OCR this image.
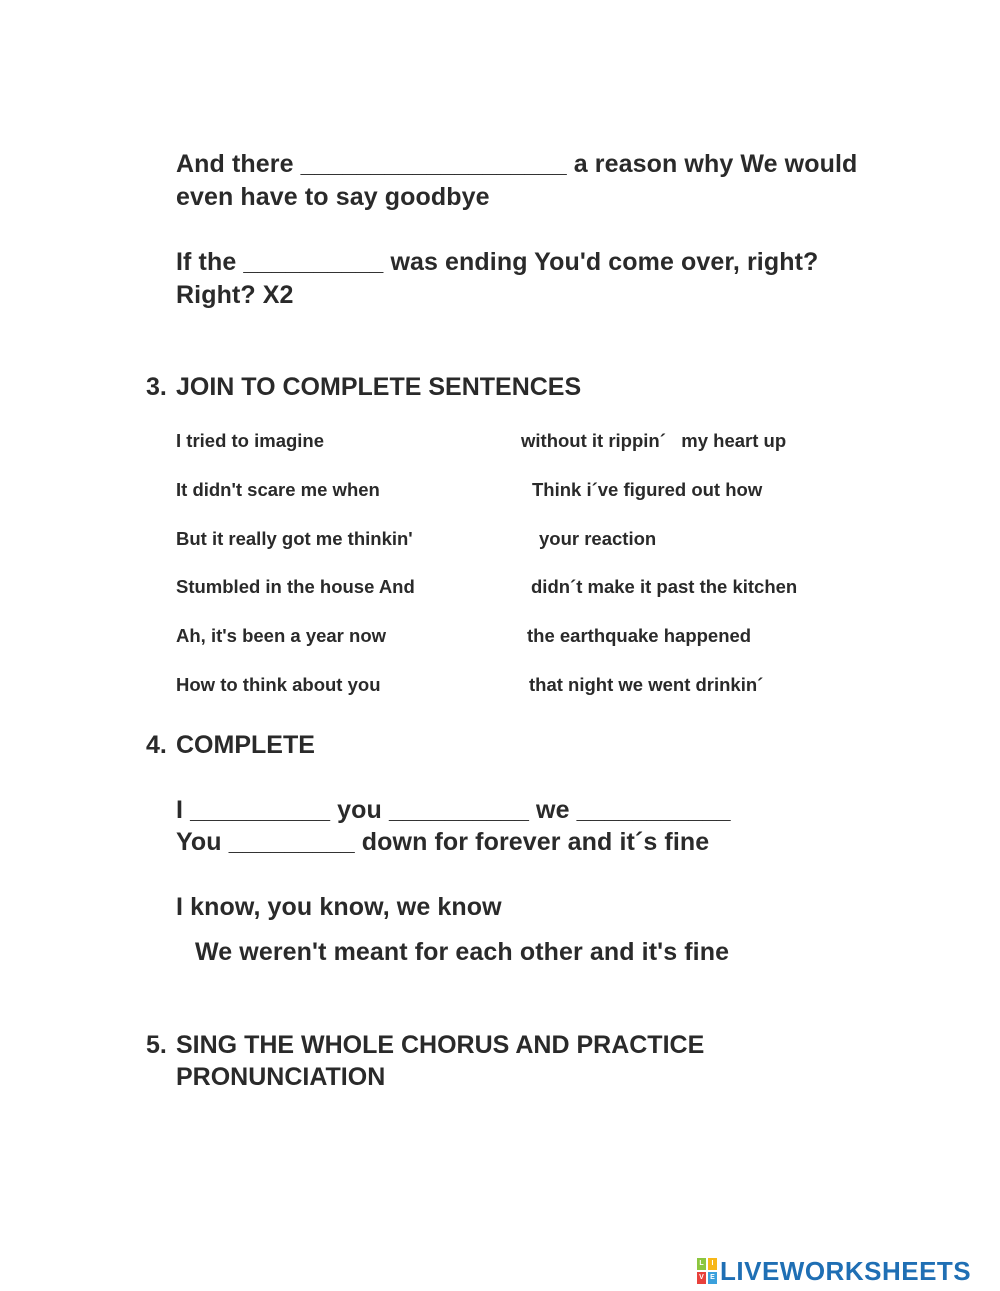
And there ___________________ a reason why We would
even have to say goodbye
If the __________ was ending You'd come over, right?
Right? X2
3. JOIN TO COMPLETE SENTENCES
I tried to imagine
It didn't scare me when
But it really got me thinkin'
Stumbled in the house And
Ah, it's been a year now
How to think about you
without it rippin´   my heart up
Think i´ve figured out how
your reaction
didn´t make it past the kitchen
the earthquake happened
that night we went drinkin´
4. COMPLETE
I __________ you __________ we ___________
You _________ down for forever and it´s fine
I know, you know, we know
We weren't meant for each other and it's fine
5. SING THE WHOLE CHORUS AND PRACTICE
PRONUNCIATION
L	I
V E LIVEWORKSHEETS
